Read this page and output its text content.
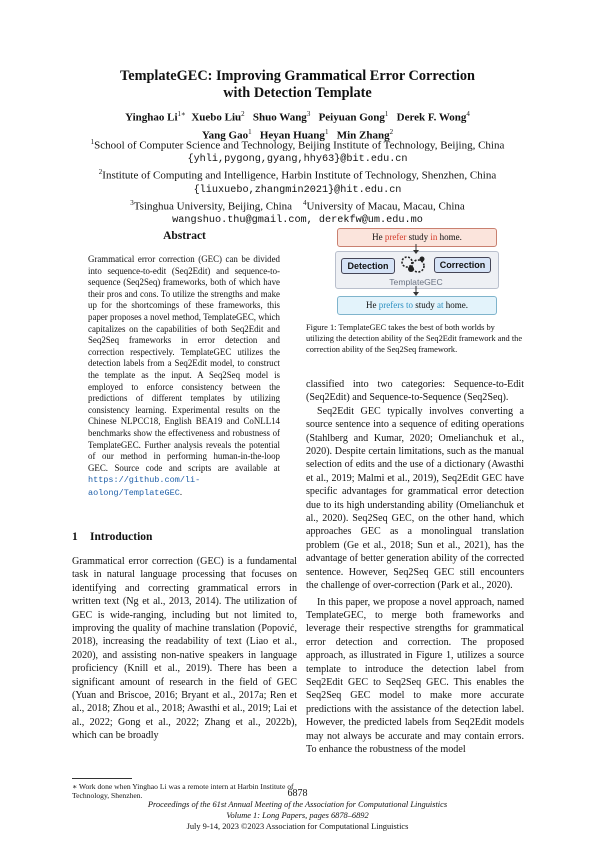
TemplateGEC: Improving Grammatical Error Correction
with Detection Template
Yinghao $Li^{1∗}$ Xuebo Liu$^2$ Shuo Wang$^3$ Peiyuan Gong$^1$ Derek F. Wong$^4$
Yang Gao$^1$ Heyan Huang$^1$ Min Zhang$^2$
$^1$School of Computer Science and Technology, Beijing Institute of Technology, Beijing, China
{yhli,pygong,gyang,hhy63}@bit.edu.cn
$^2$Institute of Computing and Intelligence, Harbin Institute of Technology, Shenzhen, China
{liuxuebo,zhangmin2021}@hit.edu.cn
$^3$Tsinghua University, Beijing, China $^4$University of Macau, Macau, China
wangshuo.thu@gmail.com, derekfw@um.edu.mo
Abstract
Grammatical error correction (GEC) can be divided into sequence-to-edit (Seq2Edit) and sequence-to-sequence (Seq2Seq) frameworks, both of which have their pros and cons. To utilize the strengths and make up for the shortcomings of these frameworks, this paper proposes a novel method, TemplateGEC, which capitalizes on the capabilities of both Seq2Edit and Seq2Seq frameworks in error detection and correction respectively. TemplateGEC utilizes the detection labels from a Seq2Edit model, to construct the template as the input. A Seq2Seq model is employed to enforce consistency between the predictions of different templates by utilizing consistency learning. Experimental results on the Chinese NLPCC18, English BEA19 and CoNLL14 benchmarks show the effectiveness and robustness of TemplateGEC. Further analysis reveals the potential of our method in performing human-in-the-loop GEC. Source code and scripts are available at https://github.com/li-aolong/TemplateGEC.
1 Introduction
Grammatical error correction (GEC) is a fundamental task in natural language processing that focuses on identifying and correcting grammatical errors in written text (Ng et al., 2013, 2014). The utilization of GEC is wide-ranging, including but not limited to, improving the quality of machine translation (Popović, 2018), increasing the readability of text (Liao et al., 2020), and assisting non-native speakers in language proficiency (Knill et al., 2019). There has been a significant amount of research in the field of GEC (Yuan and Briscoe, 2016; Bryant et al., 2017a; Ren et al., 2018; Zhou et al., 2018; Awasthi et al., 2019; Lai et al., 2022; Gong et al., 2022; Zhang et al., 2022b), which can be broadly
∗ Work done when Yinghao Li was a remote intern at Harbin Institute of Technology, Shenzhen.
He prefer study in home.
Detection	Correction
TemplateGEC
He prefers to study at home.
Figure 1: TemplateGEC takes the best of both worlds by utilizing the detection ability of the Seq2Edit framework and the correction ability of the Seq2Seq framework.
classified into two categories: Sequence-to-Edit (Seq2Edit) and Sequence-to-Sequence (Seq2Seq).
Seq2Edit GEC typically involves converting a source sentence into a sequence of editing operations (Stahlberg and Kumar, 2020; Omelianchuk et al., 2020). Despite certain limitations, such as the manual selection of edits and the use of a dictionary (Awasthi et al., 2019; Malmi et al., 2019), Seq2Edit GEC have specific advantages for grammatical error detection due to its high understanding ability (Omelianchuk et al., 2020). Seq2Seq GEC, on the other hand, which approaches GEC as a monolingual translation problem (Ge et al., 2018; Sun et al., 2021), has the advantage of better generation ability of the corrected sentence. However, Seq2Seq GEC still encounters the challenge of over-correction (Park et al., 2020).
In this paper, we propose a novel approach, named TemplateGEC, to merge both frameworks and leverage their respective strengths for grammatical error detection and correction. The proposed approach, as illustrated in Figure 1, utilizes a source template to introduce the detection label from Seq2Edit GEC to Seq2Seq GEC. This enables the Seq2Seq GEC model to make more accurate predictions with the assistance of the detection label. However, the predicted labels from Seq2Edit models may not always be accurate and may contain errors. To enhance the robustness of the model
6878
Proceedings of the 61st Annual Meeting of the Association for Computational Linguistics
Volume 1: Long Papers, pages 6878–6892
July 9-14, 2023 ©2023 Association for Computational Linguistics
